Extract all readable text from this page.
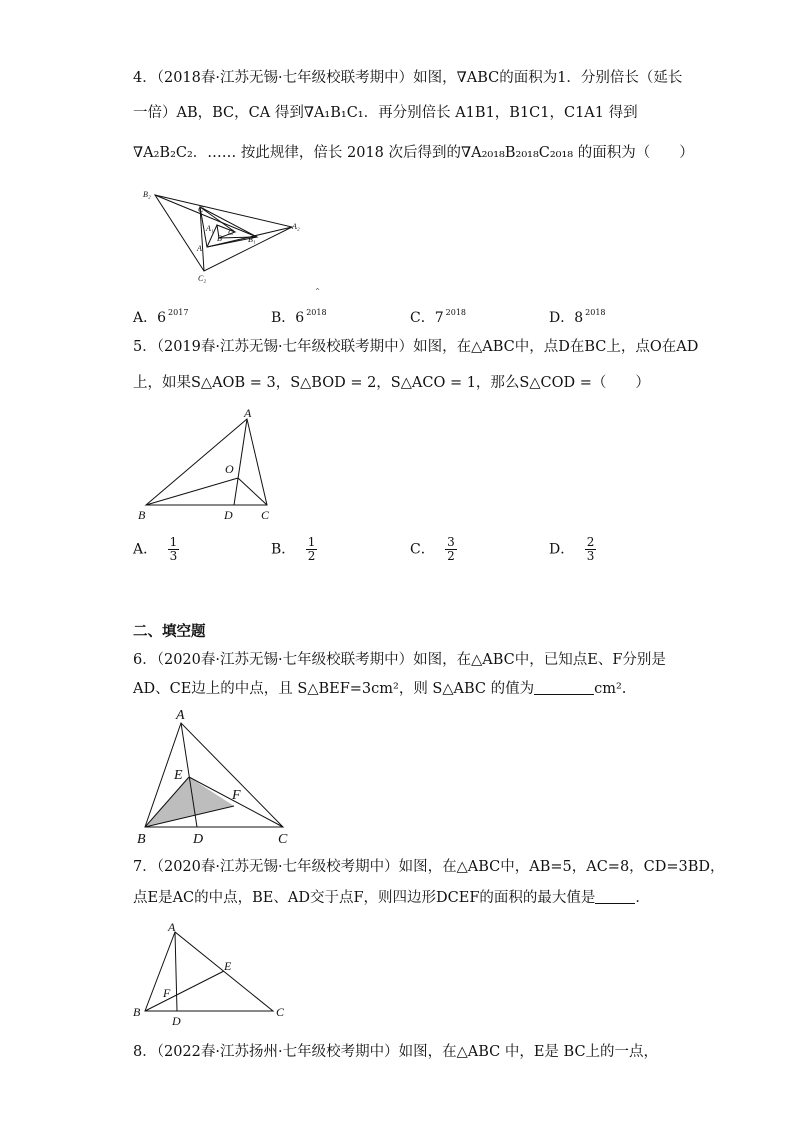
4．（2018春·江苏无锡·七年级校联考期中）如图，∇ABC的面积为1．分别倍长（延长
一倍）AB，BC，CA 得到∇A₁B₁C₁．再分别倍长 A1B1，B1C1，C1A1 得到
∇A₂B₂C₂．…… 按此规律，倍长 2018 次后得到的∇A₂₀₁₈B₂₀₁₈C₂₀₁₈ 的面积为（　　）
B₂
A₂
C₂
C
A₁
B
C
B₁
A
^
A．6 $^{2017}$	B．6 $^{2018}$	C．7 $^{2018}$	D．8 $^{2018}$
5．（2019春·江苏无锡·七年级校联考期中）如图，在△ABC中，点D在BC上，点O在AD
上，如果S△AOB = 3，S△BOD = 2，S△ACO = 1，那么S△COD =（　　）
A
O
B	D C
A． $\frac{1}{3}$	B． $\frac{1}{2}$	C． $\frac{3}{2}$	D． $\frac{2}{3}$
二、填空题
6．（2020春·江苏无锡·七年级校联考期中）如图，在△ABC中，已知点E、F分别是
AD、CE边上的中点，且 S△BEF=3cm²，则 S△ABC 的值为	cm².
A
E
F
B	D	C
7．（2020春·江苏无锡·七年级校考期中）如图，在△ABC中，AB=5，AC=8，CD=3BD，
点E是AC的中点，BE、AD交于点F，则四边形DCEF的面积的最大值是	．
A
E
F
B
D
C
8．（2022春·江苏扬州·七年级校考期中）如图，在△ABC 中，E是 BC上的一点，
